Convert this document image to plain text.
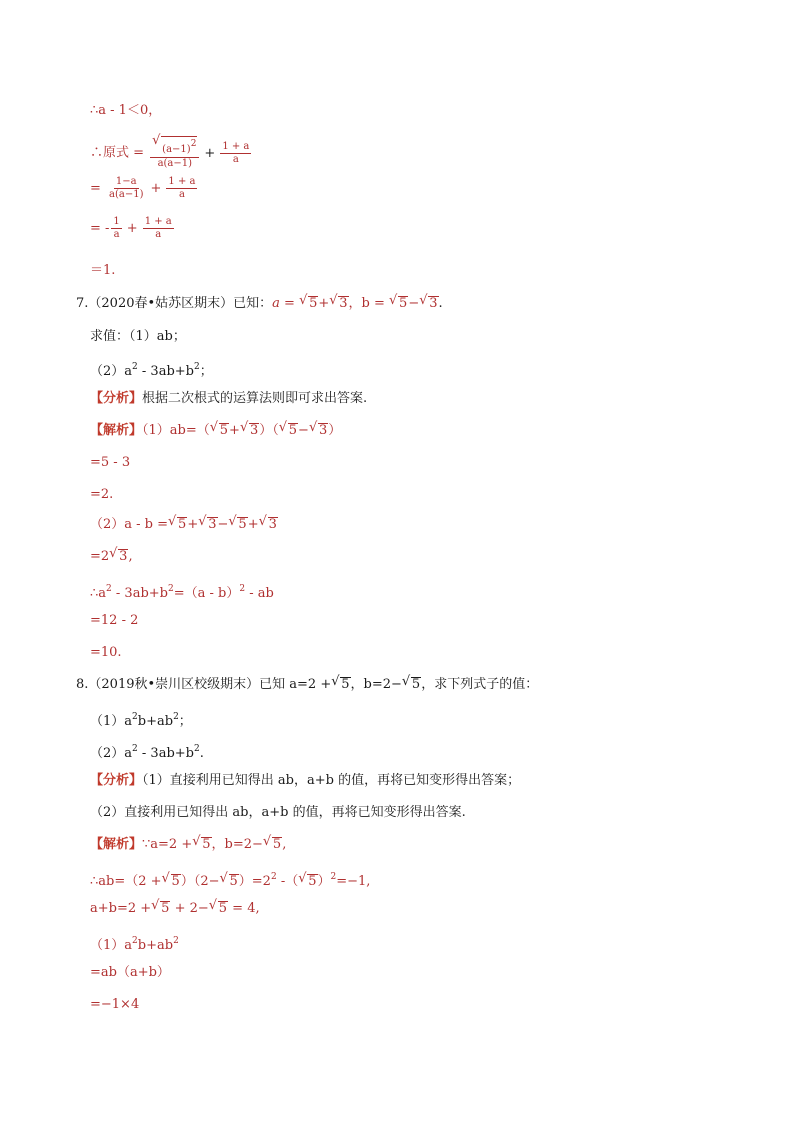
∴a - 1＜0，
∴原式 = √ $\frac{(a-1)2}{a(a-1)} + \frac{1 + a}{a}$
= $\frac{1-a}{a(a-1)} + \frac{1 + a}{a}$
= - $\frac{1}{a} + \frac{1 + a}{a}$
＝1.
7.（2020春•姑苏区期末）已知：a = √ 5+ √ 3，b = √ 5− √ 3.
求值：（1）ab；
$(2)a^2 - 3ab+b^2$；
【分析】根据二次根式的运算法则即可求出答案.
【解析】（1）ab=（ √ 5+ √ 3）（ √ 5− √ 3）
=5 - 3
=2.
（2）a - b = √ 5+ √ 3− √ 5+ √ 3
=2 √ 3,
$\therefore a^2 - 3ab+b^2=(a - b)^2$ - ab
=12 - 2
=10.
8.（2019秋•崇川区校级期末）已知 a=2 + √ 5，b=2− √ 5，求下列式子的值：
$(1)a^2b+ab^2$；
$(2)a^2 - 3ab+b^2$.
【分析】（1）直接利用已知得出 ab，a+b 的值，再将已知变形得出答案；
（2）直接利用已知得出 ab，a+b 的值，再将已知变形得出答案.
【解析】∵a=2 + √ 5，b=2− √ 5,
∴ab=（2 + √ 5）（2− √ $5)=2^2$ -（ √ 5）$^2$=−1,
a+b=2 + √ 5 + 2− √ 5 = 4,
$(1)a^2b+ab^2$
=ab（a+b）
=−1×4
